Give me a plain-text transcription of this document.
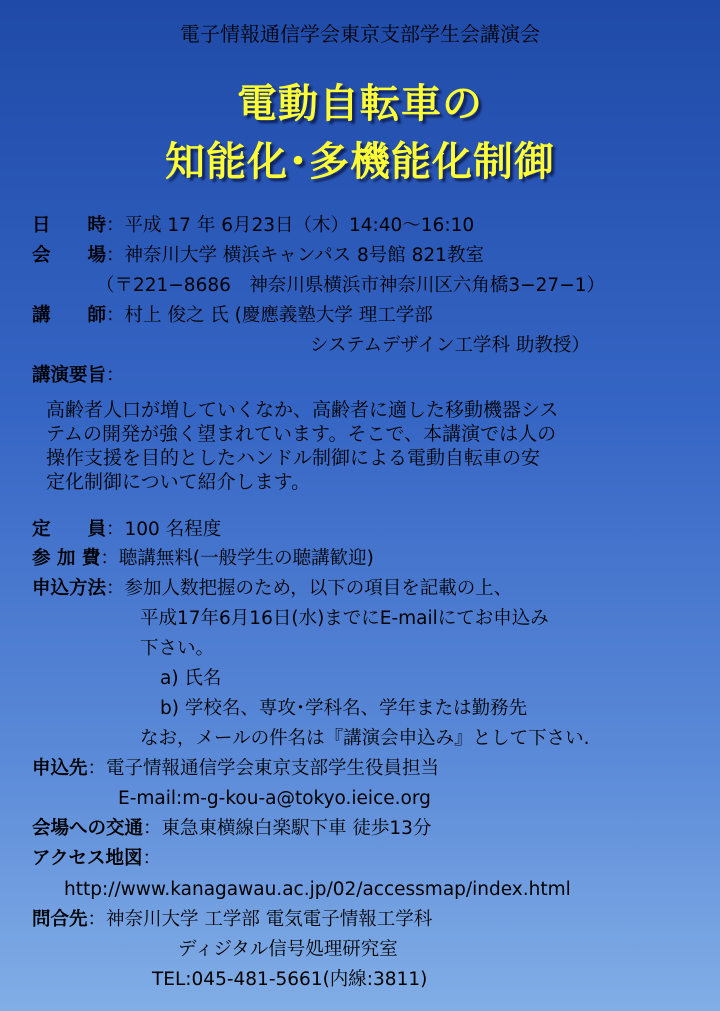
電子情報通信学会東京支部学生会講演会
電動自転車の
知能化･多機能化制御
日　　時：平成 17 年 6月23日（木）14:40～16:10
会　　場：神奈川大学 横浜キャンパス 8号館 821教室
（〒221−8686　神奈川県横浜市神奈川区六角橋3−27−1）
講　　師：村上 俊之 氏 (慶應義塾大学 理工学部
システムデザイン工学科 助教授）
講演要旨：
高齢者人口が増していくなか、高齢者に適した移動機器シス
テムの開発が強く望まれています。そこで、本講演では人の
操作支援を目的としたハンドル制御による電動自転車の安
定化制御について紹介します。
定　　員：100 名程度
参 加 費：聴講無料(一般学生の聴講歓迎)
申込方法：参加人数把握のため，以下の項目を記載の上、
平成17年6月16日(水)までにE-mailにてお申込み
下さい。
a) 氏名
b) 学校名、専攻･学科名、学年または勤務先
なお，メールの件名は『講演会申込み』として下さい.
申込先：電子情報通信学会東京支部学生役員担当
E-mail:m-g-kou-a@tokyo.ieice.org
会場への交通：東急東横線白楽駅下車 徒歩13分
アクセス地図：
http://www.kanagawau.ac.jp/02/accessmap/index.html
問合先：神奈川大学 工学部 電気電子情報工学科
ディジタル信号処理研究室
TEL:045-481-5661(内線:3811)
